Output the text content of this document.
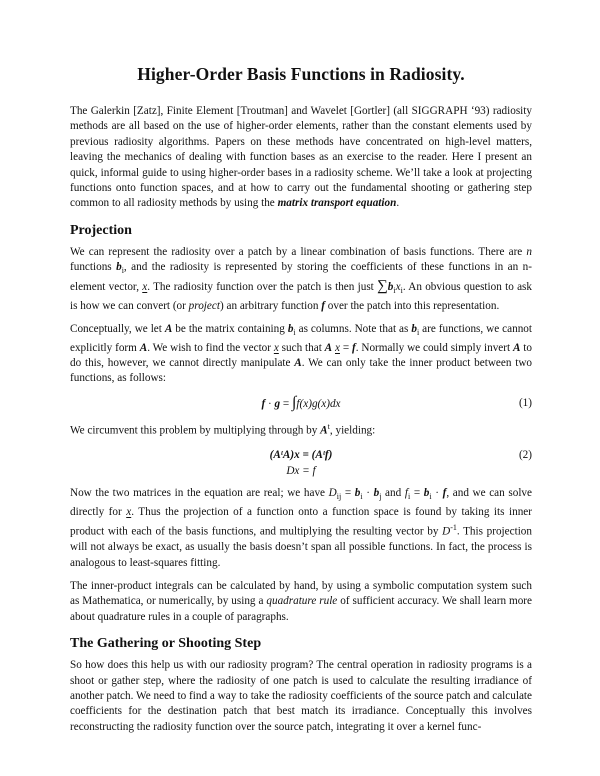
Higher-Order Basis Functions in Radiosity.

The Galerkin [Zatz], Finite Element [Troutman] and Wavelet [Gortler] (all SIGGRAPH ‘93) radiosity methods are all based on the use of higher-order elements, rather than the constant elements used by previous radiosity algorithms. Papers on these methods have concentrated on high-level matters, leaving the mechanics of dealing with function bases as an exercise to the reader. Here I present an quick, informal guide to using higher-order bases in a radiosity scheme. We’ll take a look at projecting functions onto function spaces, and at how to carry out the fundamental shooting or gathering step common to all radiosity methods by using the matrix transport equation.

Projection

We can represent the radiosity over a patch by a linear combination of basis functions. There are n functions $b_i$, and the radiosity is represented by storing the coefficients of these functions in an n-element vector, x. The radiosity function over the patch is then just $\sum b_ix_i$. An obvious question to ask is how we can convert (or project) an arbitrary function f over the patch into this representation.

Conceptually, we let A be the matrix containing $b_i$ as columns. Note that as $b_i$ are functions, we cannot explicitly form A. We wish to find the vector x such that A x = f. Normally we could simply invert A to do this, however, we cannot directly manipulate A. We can only take the inner product between two functions, as follows:

f · g = ∫f(x)g(x)dx	(1)

We circumvent this problem by multiplying through by $A^t$, yielding:

(AᵗA)x = (Aᵗf)
Dx = f
(2)

Now the two matrices in the equation are real; we have $D_{ij} = b_i \cdot b_j$ and $f_i = b_i \cdot f$, and we can solve directly for x. Thus the projection of a function onto a function space is found by taking its inner product with each of the basis functions, and multiplying the resulting vector by $D^{-1}$. This projection will not always be exact, as usually the basis doesn’t span all possible functions. In fact, the process is analogous to least-squares fitting.

The inner-product integrals can be calculated by hand, by using a symbolic computation system such as Mathematica, or numerically, by using a quadrature rule of sufficient accuracy. We shall learn more about quadrature rules in a couple of paragraphs.

The Gathering or Shooting Step

So how does this help us with our radiosity program? The central operation in radiosity programs is a shoot or gather step, where the radiosity of one patch is used to calculate the resulting irradiance of another patch. We need to find a way to take the radiosity coefficients of the source patch and calculate coefficients for the destination patch that best match its irradiance. Conceptually this involves reconstructing the radiosity function over the source patch, integrating it over a kernel func-
